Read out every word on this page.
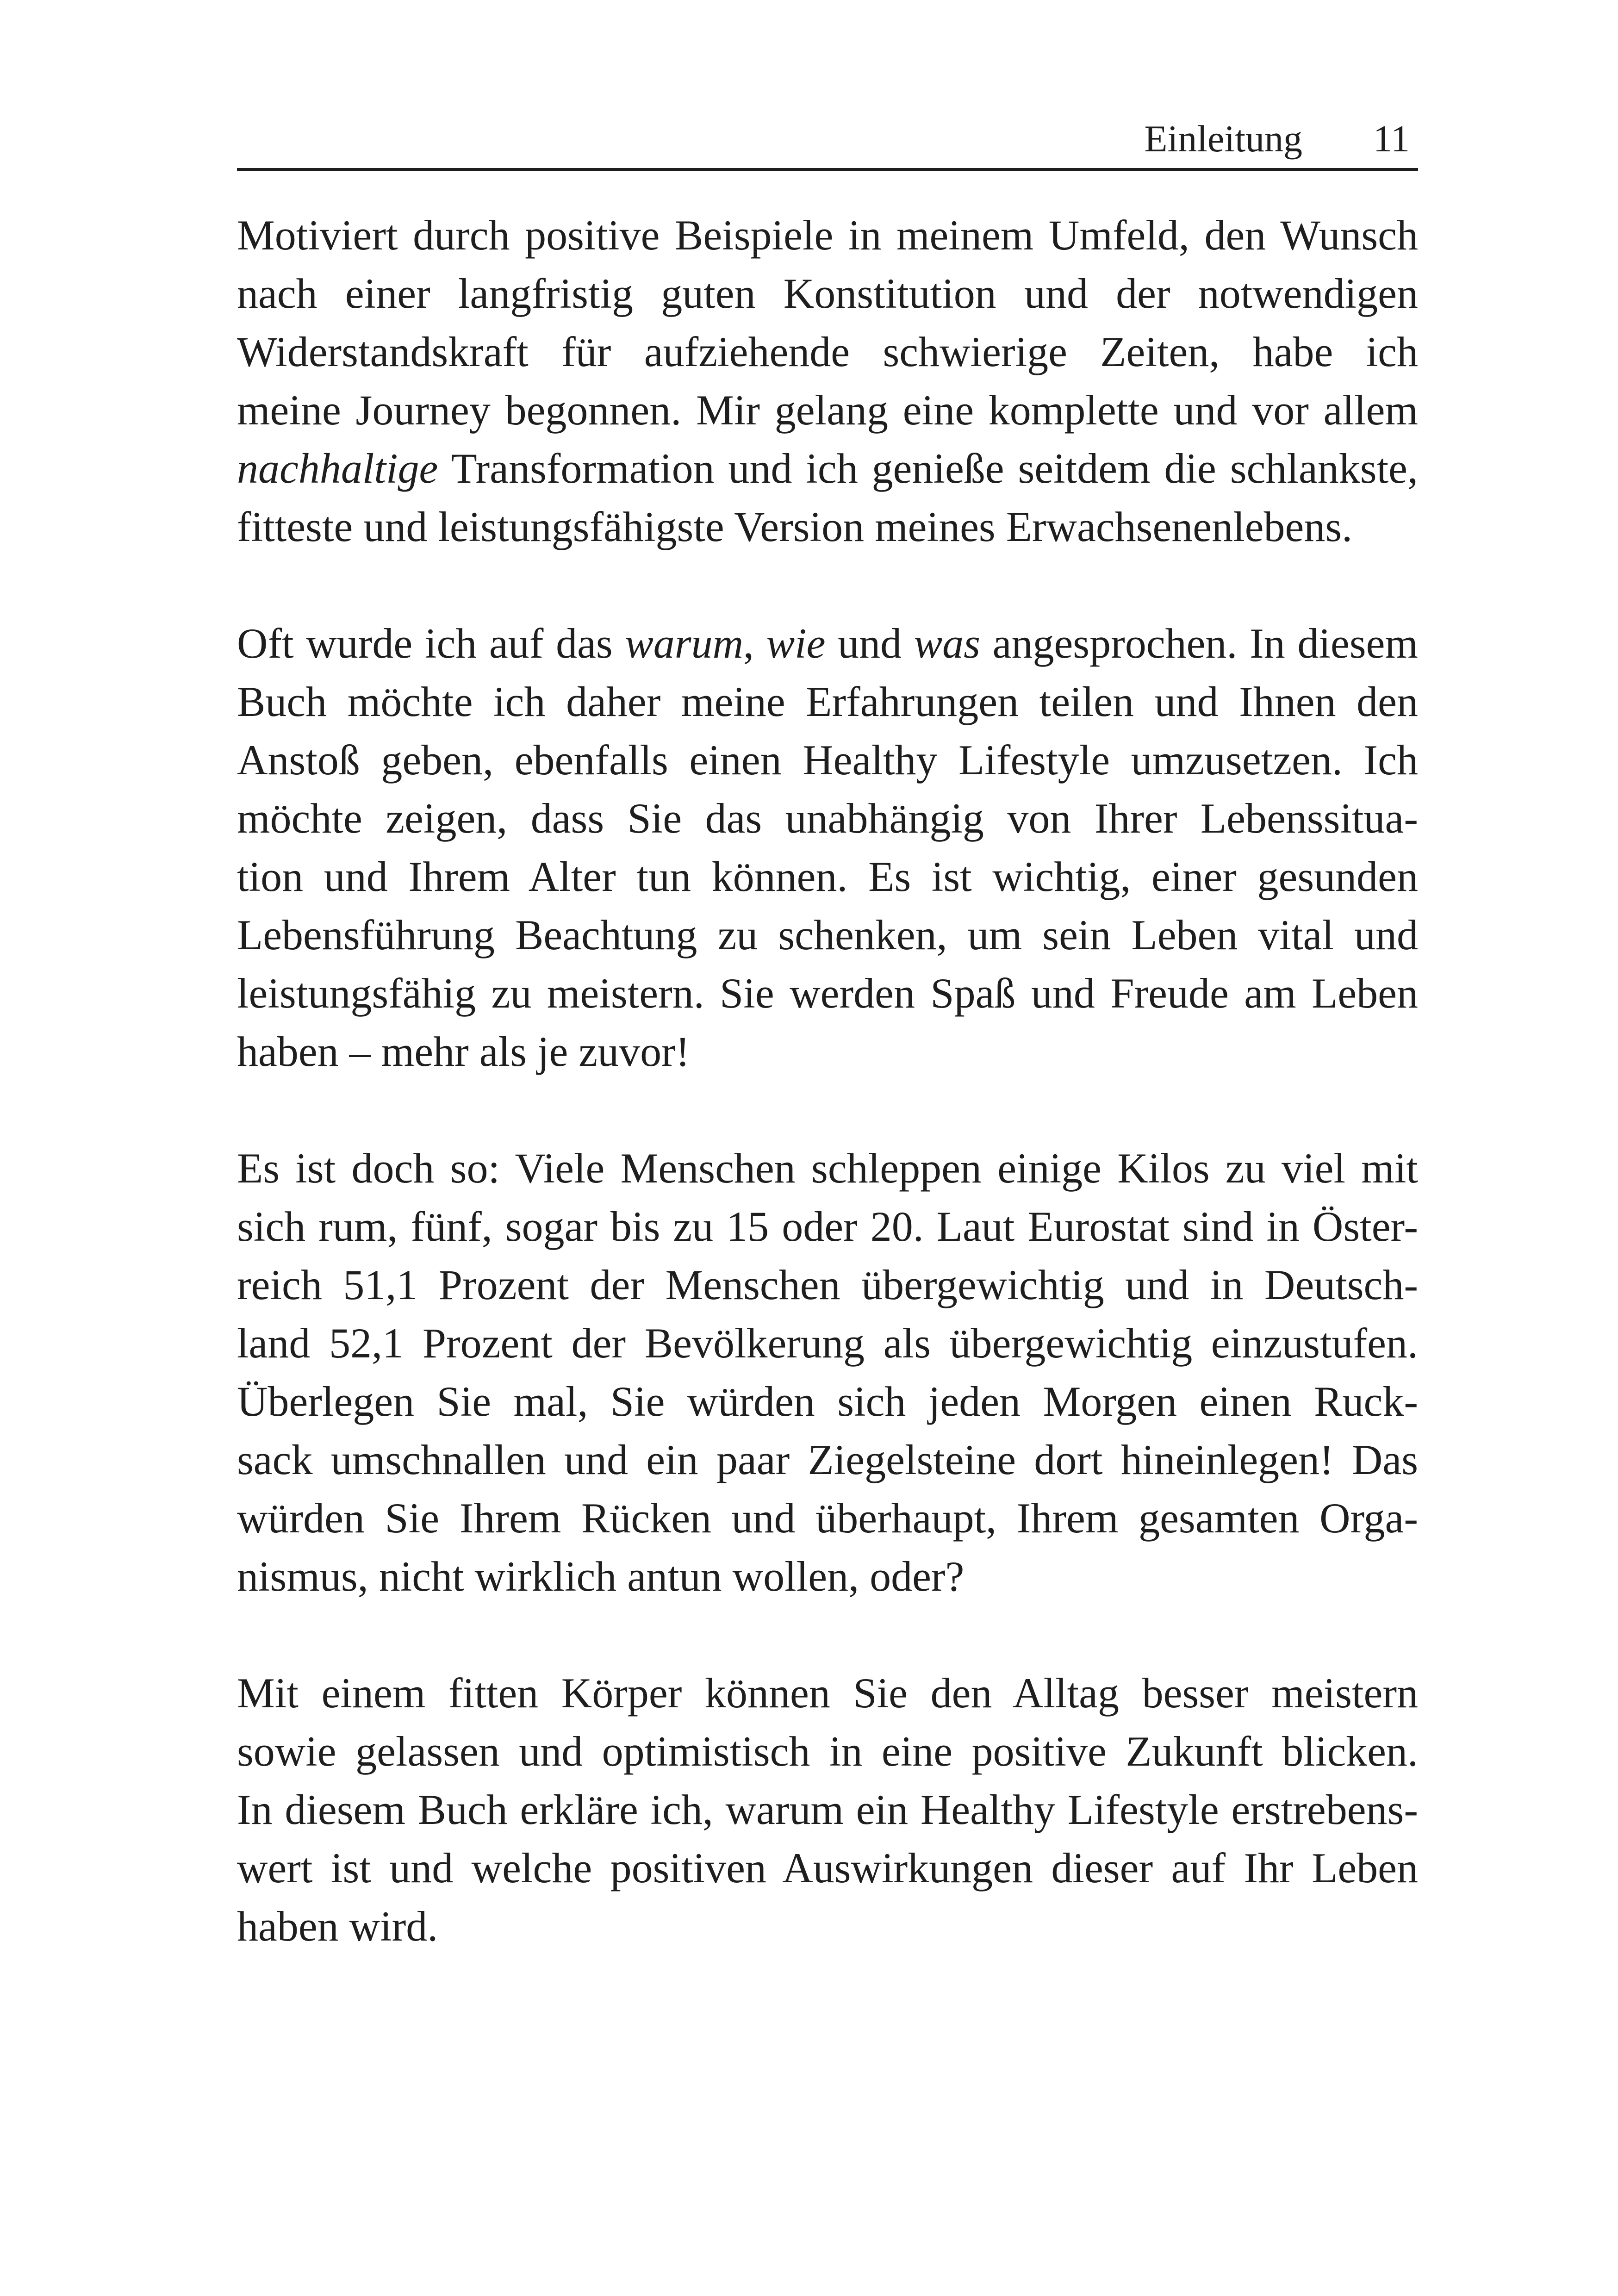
Einleitung 11
Motiviert durch positive Beispiele in meinem Umfeld, den Wunsch
nach einer langfristig guten Konstitution und der notwendigen
Widerstandskraft für aufziehende schwierige Zeiten, habe ich
meine Journey begonnen. Mir gelang eine komplette und vor allem
nachhaltige Transformation und ich genieße seitdem die schlankste,
fitteste und leistungsfähigste Version meines Erwachsenenlebens.
Oft wurde ich auf das warum, wie und was angesprochen. In diesem
Buch möchte ich daher meine Erfahrungen teilen und Ihnen den
Anstoß geben, ebenfalls einen Healthy Lifestyle umzusetzen. Ich
möchte zeigen, dass Sie das unabhängig von Ihrer Lebenssitua-
tion und Ihrem Alter tun können. Es ist wichtig, einer gesunden
Lebensführung Beachtung zu schenken, um sein Leben vital und
leistungsfähig zu meistern. Sie werden Spaß und Freude am Leben
haben – mehr als je zuvor!
Es ist doch so: Viele Menschen schleppen einige Kilos zu viel mit
sich rum, fünf, sogar bis zu 15 oder 20. Laut Eurostat sind in Öster-
reich 51,1 Prozent der Menschen übergewichtig und in Deutsch-
land 52,1 Prozent der Bevölkerung als übergewichtig einzustufen.
Überlegen Sie mal, Sie würden sich jeden Morgen einen Ruck-
sack umschnallen und ein paar Ziegelsteine dort hineinlegen! Das
würden Sie Ihrem Rücken und überhaupt, Ihrem gesamten Orga-
nismus, nicht wirklich antun wollen, oder?
Mit einem fitten Körper können Sie den Alltag besser meistern
sowie gelassen und optimistisch in eine positive Zukunft blicken.
In diesem Buch erkläre ich, warum ein Healthy Lifestyle erstrebens-
wert ist und welche positiven Auswirkungen dieser auf Ihr Leben
haben wird.
